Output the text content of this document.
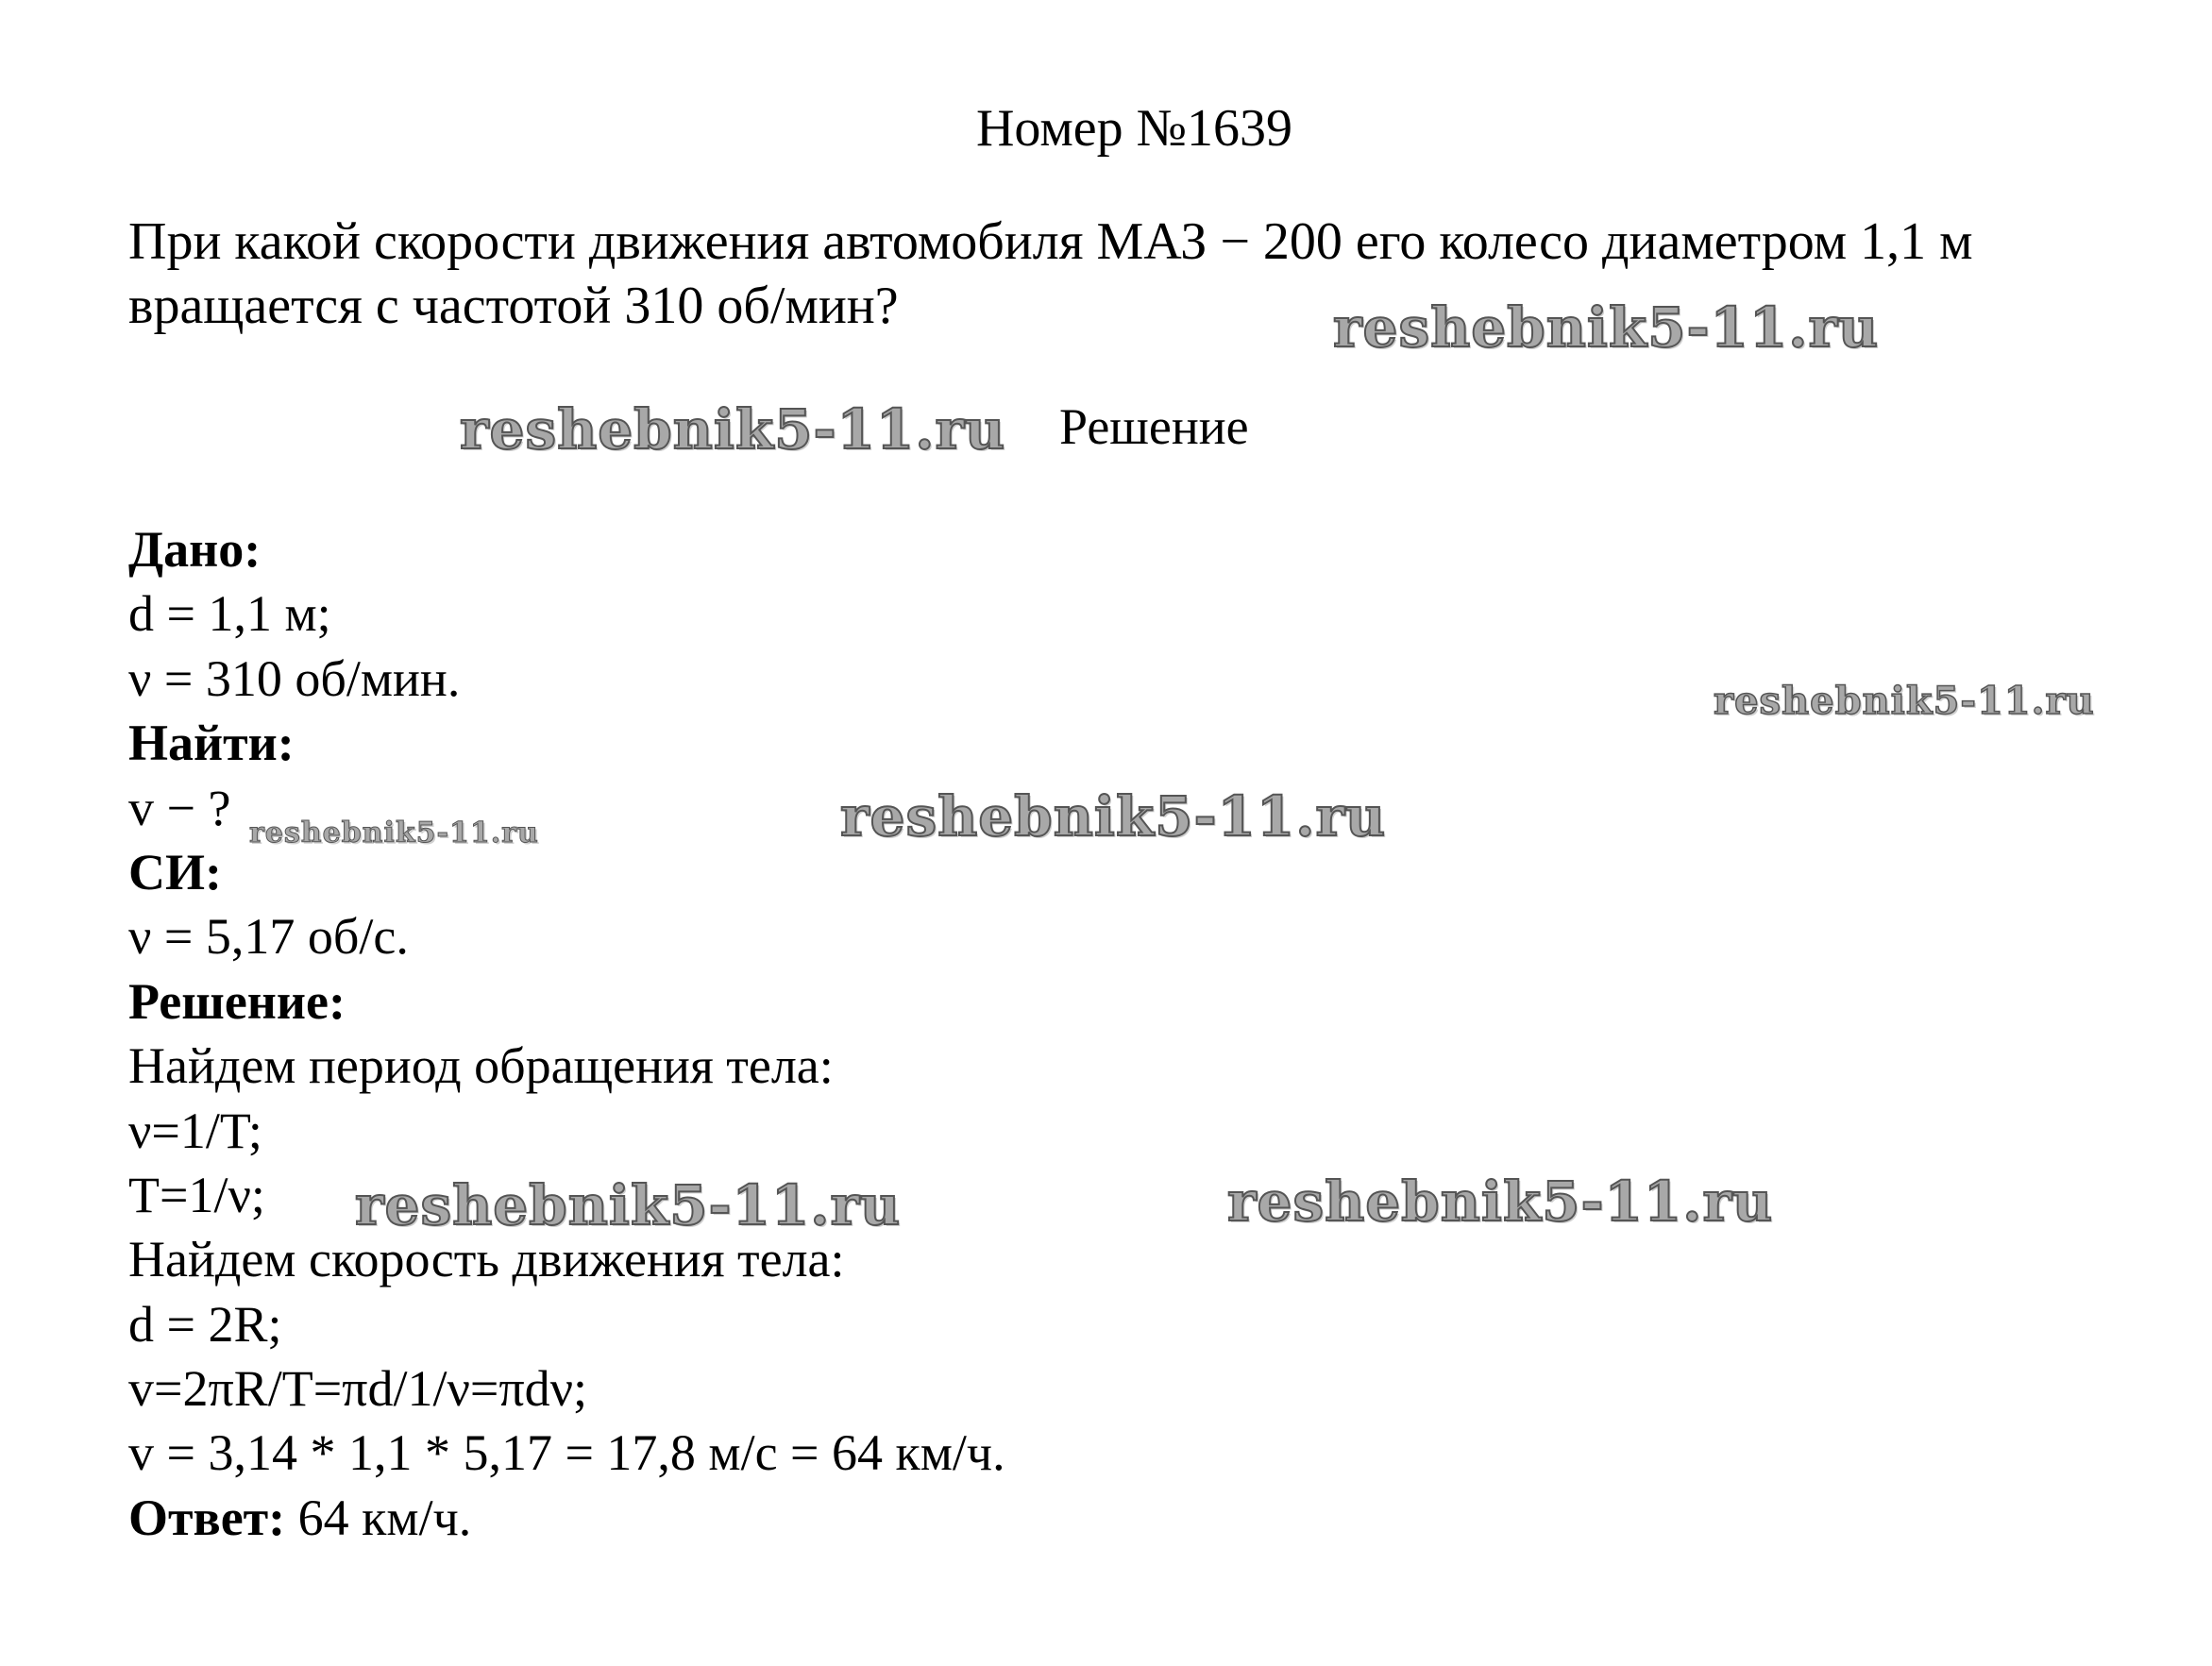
Номер №1639
При какой скорости движения автомобиля МАЗ − 200 его колесо диаметром 1,1 м
вращается с частотой 310 об/мин?
Решение
Дано:
d = 1,1 м;
ν = 310 об/мин.
Найти:
v − ?
СИ:
ν = 5,17 об/с.
Решение:
Найдем период обращения тела:
ν=1/T;
T=1/ν;
Найдем скорость движения тела:
d = 2R;
v=2πR/T=πd/1/ν=πdν;
v = 3,14 * 1,1 * 5,17 = 17,8 м/с = 64 км/ч.
Ответ: 64 км/ч.
reshebnik5-11.ru
reshebnik5-11.ru
reshebnik5-11.ru
reshebnik5-11.ru
reshebnik5-11.ru
reshebnik5-11.ru	reshebnik5-11.ru
